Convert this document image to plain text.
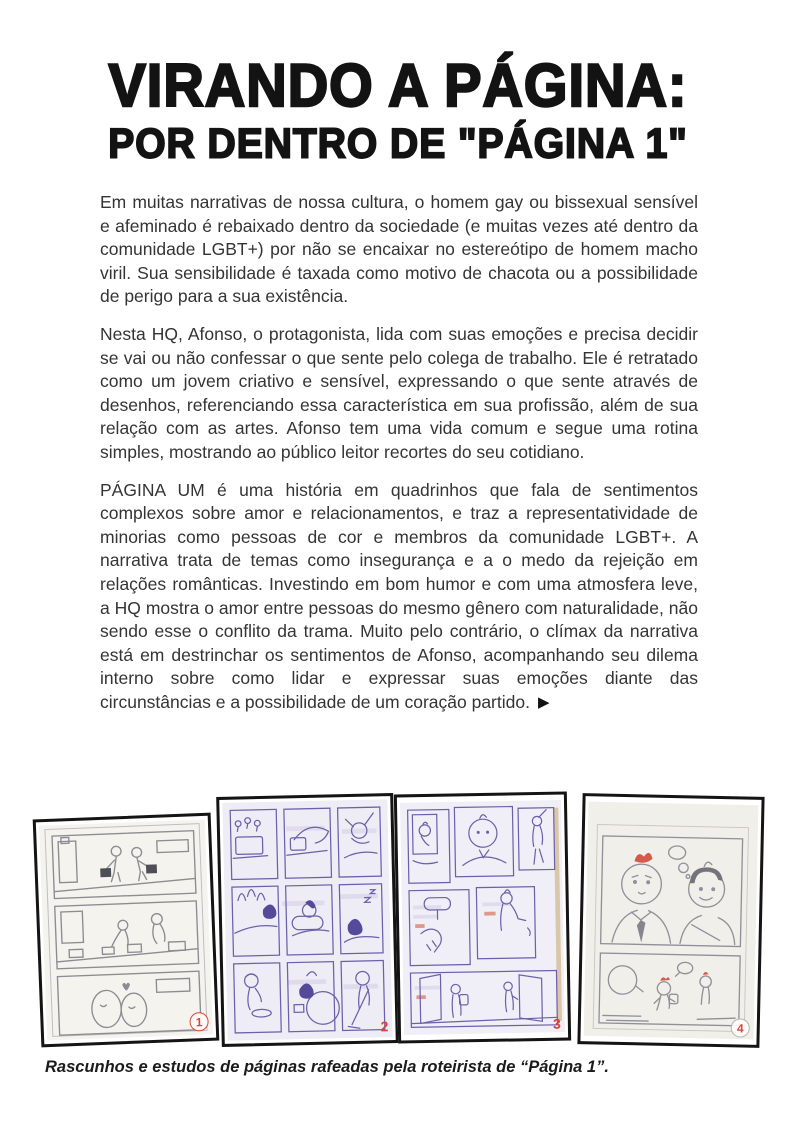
VIRANDO A PÁGINA:
POR DENTRO DE "PÁGINA 1"

Em muitas narrativas de nossa cultura, o homem gay ou bissexual sensível e afeminado é rebaixado dentro da sociedade (e muitas vezes até dentro da comunidade LGBT+) por não se encaixar no estereótipo de homem macho viril. Sua sensibilidade é taxada como motivo de chacota ou a possibilidade de perigo para a sua existência.

Nesta HQ, Afonso, o protagonista, lida com suas emoções e precisa decidir se vai ou não confessar o que sente pelo colega de trabalho. Ele é retratado como um jovem criativo e sensível, expressando o que sente através de desenhos, referenciando essa característica em sua profissão, além de sua relação com as artes. Afonso tem uma vida comum e segue uma rotina simples, mostrando ao público leitor recortes do seu cotidiano.

PÁGINA UM é uma história em quadrinhos que fala de sentimentos complexos sobre amor e relacionamentos, e traz a representatividade de minorias como pessoas de cor e membros da comunidade LGBT+. A narrativa trata de temas como insegurança e a o medo da rejeição em relações românticas. Investindo em bom humor e com uma atmosfera leve, a HQ mostra o amor entre pessoas do mesmo gênero com naturalidade, não sendo esse o conflito da trama. Muito pelo contrário, o clímax da narrativa está em destrinchar os sentimentos de Afonso, acompanhando seu dilema interno sobre como lidar e expressar suas emoções diante das circunstâncias e a possibilidade de um coração partido. ▶

1	2	3	4

Rascunhos e estudos de páginas rafeadas pela roteirista de “Página 1”.
